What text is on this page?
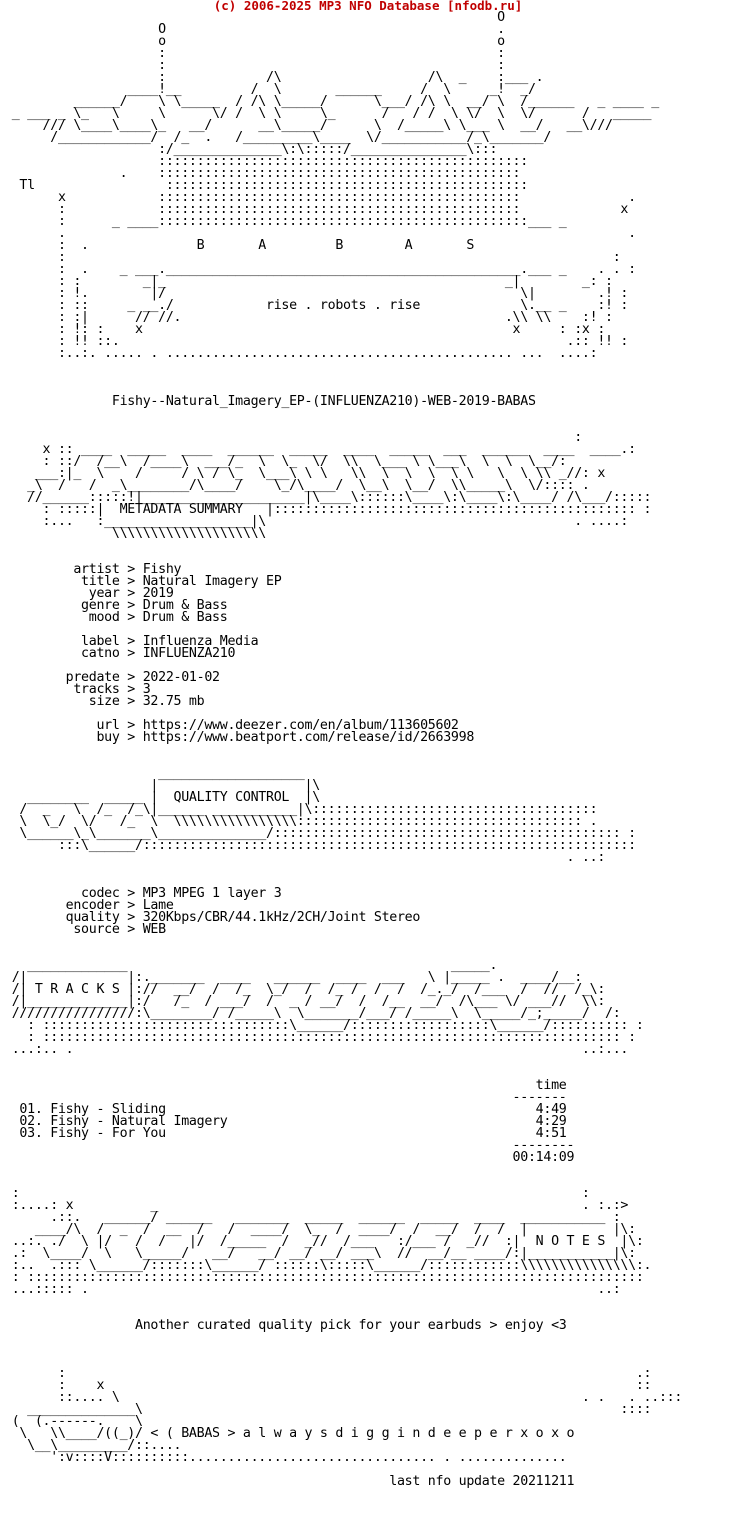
(c) 2006-2025 MP3 NFO Database [nfodb.ru]
O
O                                           .
o                                           o
:                                           :
:                                           :
:             /\                   /\  _    :___ .
____!__         /  \       ______     /  \     _!  _/
______/    \ \_____  / /\ \_____/      \___/ /\ \  __/ \  /______   _ ____ _
_ ___ _ \_   \     \      \/ /  \ \     \_      /   / /  \ \/  \  \/      /   _____
/// \____\____\_   __/      __\_____/      \  /_____\ \___ \  __/   __\///
/____________/  /_  .   /_________\____  \/___________/_\_______/
:/______________\:\:::::/_______________\:::
::::::::::::::::::::::::::::::::::::::::::::::::
.    :::::::::::::::::::::::::::::::::::::::::::::::
Tl                 :::::::::::::::::::::::::::::::::::::::::::::::
x            :::::::::::::::::::::::::::::::::::::::::::::::              .
:            :::::::::::::::::::::::::::::::::::::::::::::::             x
:      _ ____::::::::::::::::::::::::::::::::::::::::::::::::___ _
.                                                                         .
:  .              B       A         B        A       S
:                                                                       :
:  .    _ ___.______________________________________________.___ _    . . :
: :        _|_                                            _|        _: :
: !.        |/                                              \|        .! :
: ::     _ __./            rise . robots . rise             \.__ _    :! :
: :|      // //.                                          .\\ \\    :! :
: !: :    x                                                x     : :x :
: !! ::.                                                          .:: !! :
:..:. ..... . ............................................. ...  ....:

Fishy--Natural_Imagery_EP-(INFLUENZA210)-WEB-2019-BABAS

:
x :: ____  _____  ____  ______  _____  ____  _____  ___  ______  ____  ____.:
: ::/  /__\  /____\  ___/_  \  \_  \/  \\  \___ \ \___\  \  \  \__/:
___:|_  \    /     / \ / \_  \___\ \ \   \\  \  \  \  \ \   \  \ \\ _//: x
_\  /   /  _\________/\____/    \_/\____/  \__\  \__/  \\_____\  \/:::: .
//______:::::!|_____________________|\____\::::::\____\:\____\:\____/ /\___/:::::
: :::::|  METADATA SUMMARY   |::::::::::::::::::::::::::::::::::::::::::::::: :
:...   :___________________|\                                        . ....:
\\\\\\\\\\\\\\\\\\\\

artist > Fishy
title > Natural Imagery EP
year > 2019
genre > Drum & Bass
mood > Drum & Bass

label > Influenza Media
catno > INFLUENZA210

predate > 2022-01-02
tracks > 3
size > 32.75 mb

url > https://www.deezer.com/en/album/113605602
buy > https://www.beatport.com/release/id/2663998

___________________
|                   |\
________  _____ |  QUALITY CONTROL  |\
/  _   \  /_  /_\|______ ___________|\:::::::::::::::::::::::::::::::::::::
\  \_/  \/   /_  \  \\\\\\\\\\\\\\\\::::::::::::::::::::::::::::::::::::: .
\______\_\_______\______________/::::::::::::::::::::::::::::::::::::::::::::: :
:::\______/::::::::::::::::::::::::::::::::::::::::::::::::::::::::::::::::
. ..:

codec > MP3 MPEG 1 layer 3
encoder > Lame
quality > 320Kbps/CBR/44.1kHz/2CH/Joint Stereo
source > WEB

_____________                                          _____.
/|             |:._______  ____   ______  ____  ___   \ |_____ .  ____/__:
/| T R A C K S |://  __/  /  /_  \_/  /  /_ /  /  /  /_._/  /___  /  //  /_\:
/|_____________|:/   /_  / ___/  /  _ / __/  /  /__  __/  /\___ \/ ___//  \\:
////////////////:\________/ /_____\  \_______/___/ /_____\  \_____/_;_____/  /:
: ::::::::::::::::::::::::::::::::\______/::::::::::::::::::\______/:::::::::: :
: ::::::::::::::::::::::::::::::::::::::::::::::::::::::::::::::::::::::::::: :
...:.. .                                                                  ..:...

time
-------
01. Fishy - Sliding                                                4:49
02. Fishy - Natural Imagery                                        4:29
03. Fishy - For You                                                4:51
--------
00:14:09

:                                                                         :
:....: x          _                                                       . :.:>
.::.   ______/ ______   _______  _____  ______  _____  ____  ___________ :
____/\  /  _  /  __  /   /  ____/  \_  /  ____/  /  __/  /  /  |           |\:
..:. ./  \ |/   /  /   |/  /_____  /  _//  /___   :/___ /  _//  :|  N O T E S  |\:
.:  \____/  \   \_____/   __/   __/ __/ __/ ___\  //  __/__ ____/:|___________|\:
:..  .::: \______/:::::::\______/ ::::::\:::::\______/::::::::::::\\\\\\\\\\\\\\\:.
: ::::::::::::::::::::::::::::::::::::::::::::::::::::::::::::::::::::::::::::::::
...::::: .                                                                  ..:

Another curated quality pick for your earbuds > enjoy <3

:                                                                          .:
:    x                                                                     ::
::.... \                                                            . .   . ..:::
______________\                                                              ::::
(  (.------.    \
\   \\____/((_)/ < ( BABAS > a l w a y s d i g g i n d e e p e r x o x o
\__\_________/::....
':v::::V::::::::::................................ . ..............

last nfo update 20211211
